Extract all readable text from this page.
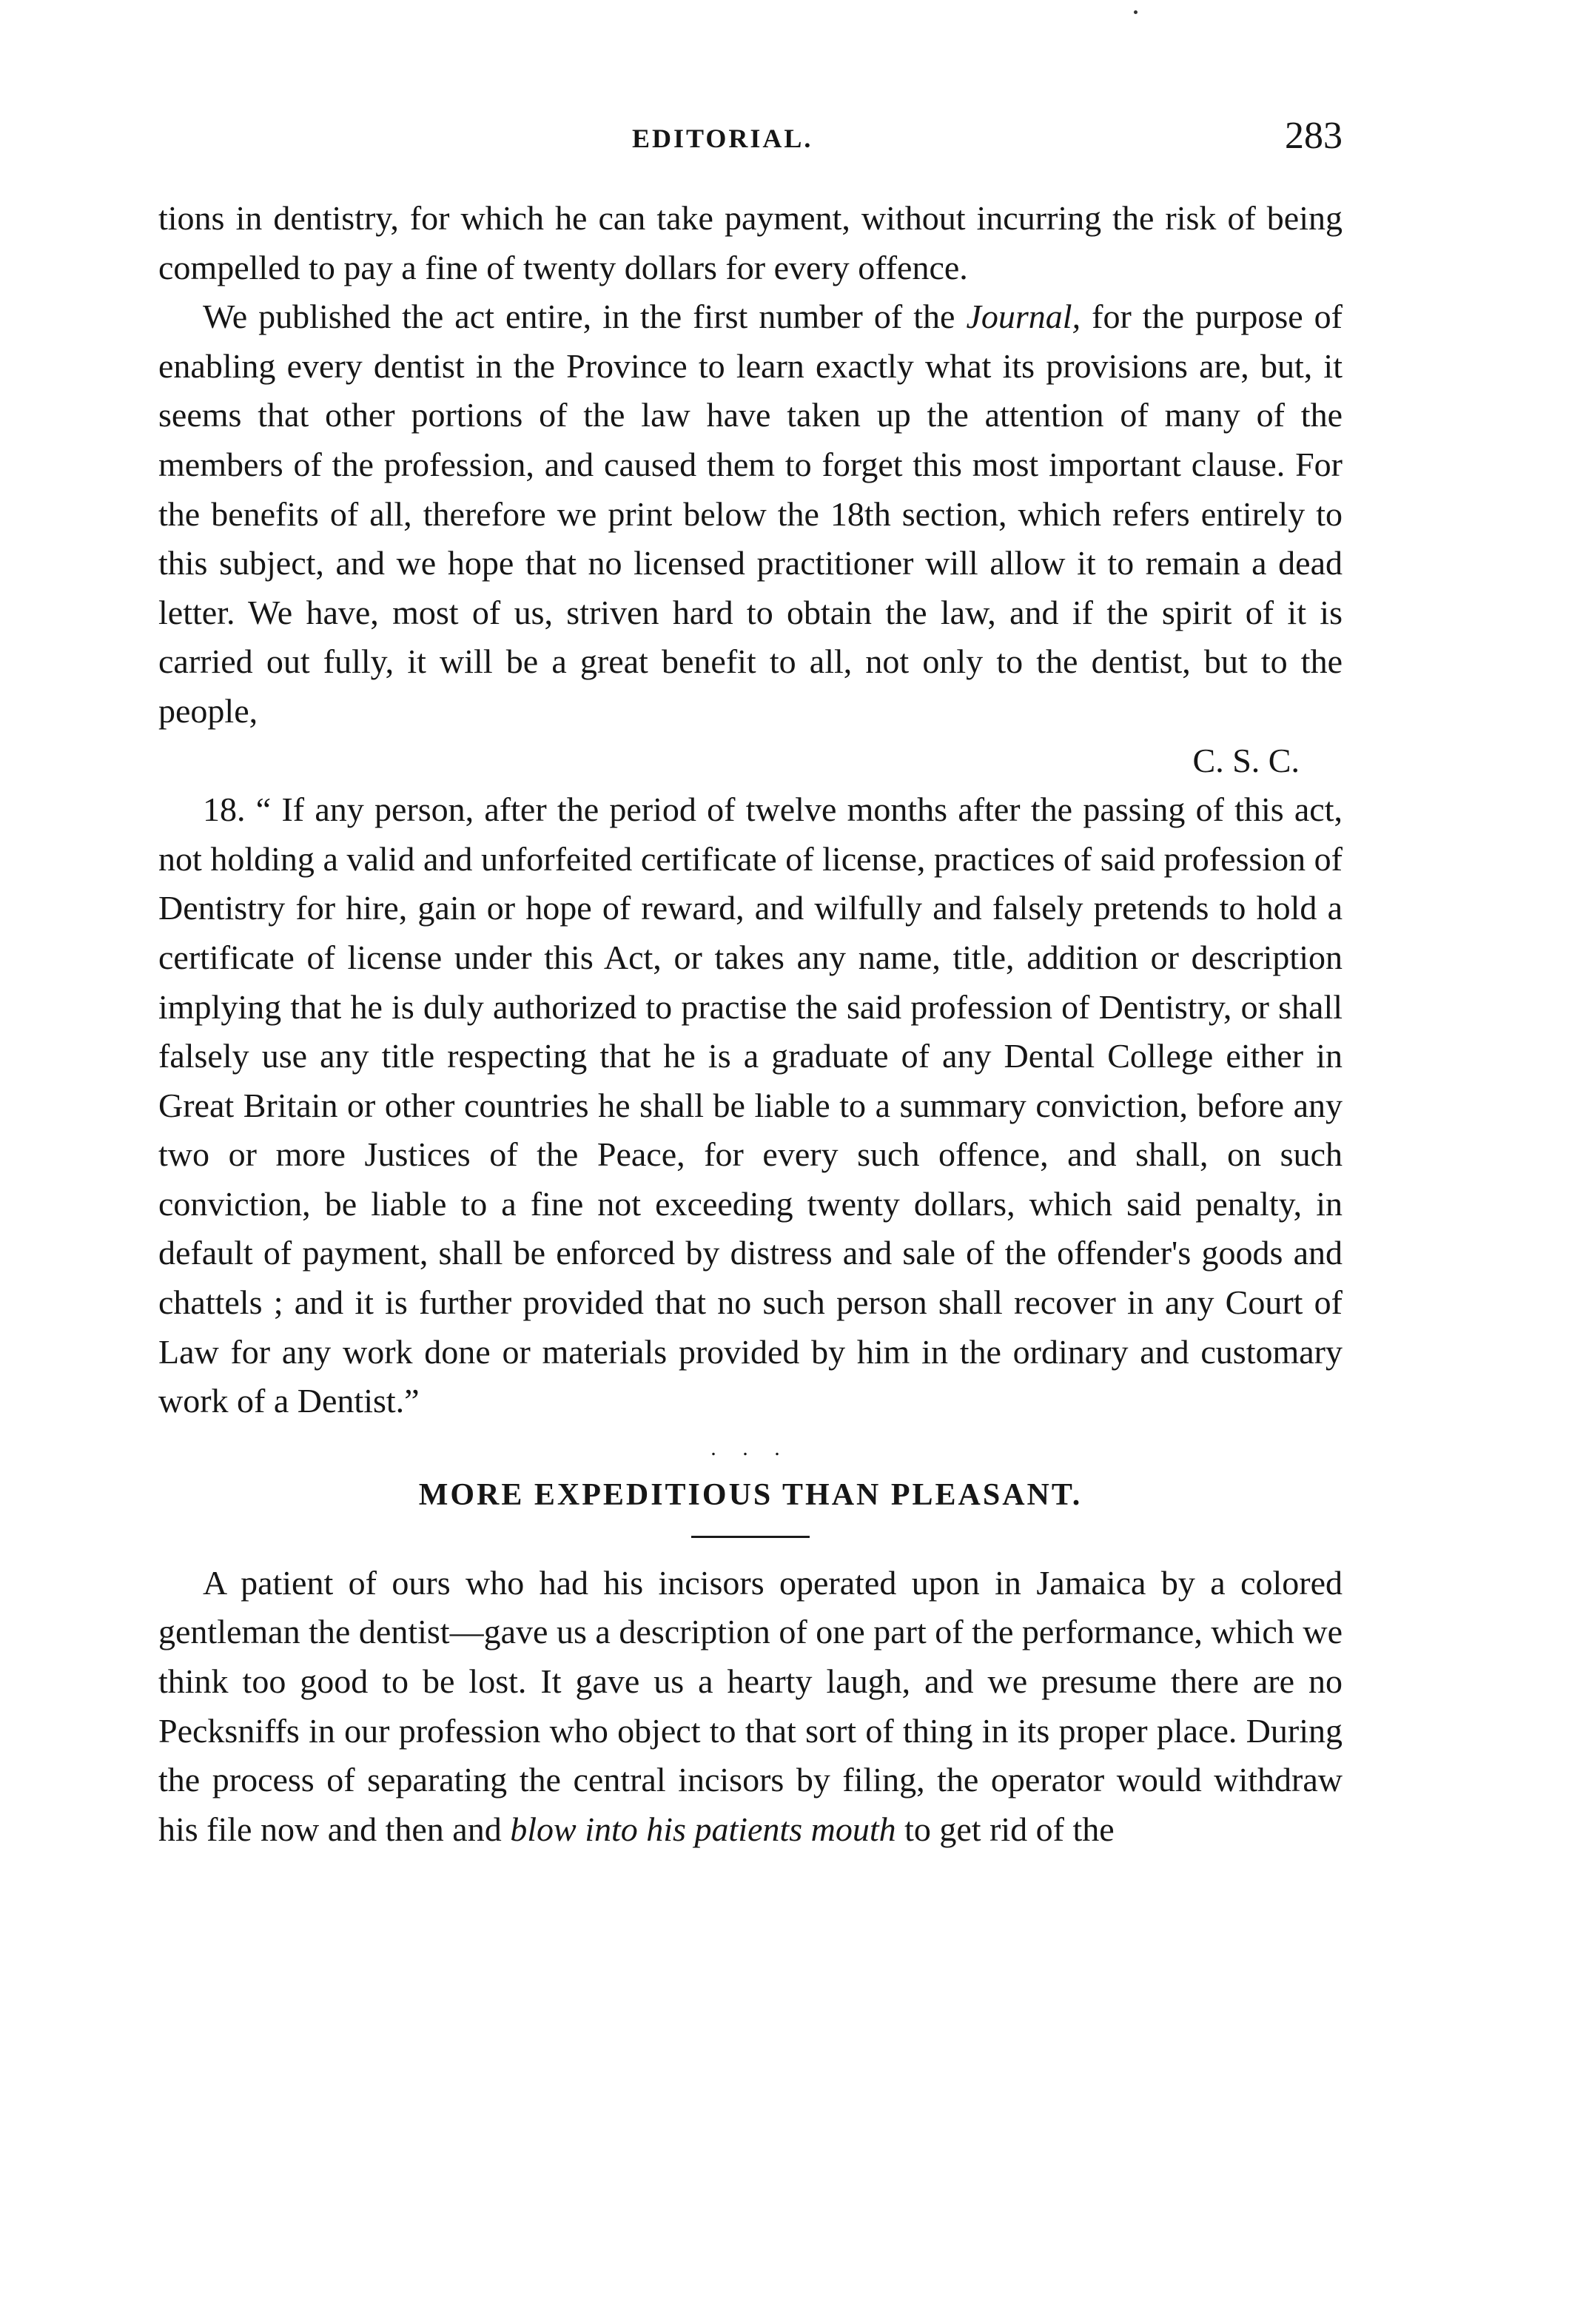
EDITORIAL.	283

tions in dentistry, for which he can take payment, without incurring the risk of being compelled to pay a fine of twenty dollars for every offence.

We published the act entire, in the first number of the Journal, for the purpose of enabling every dentist in the Province to learn exactly what its provisions are, but, it seems that other portions of the law have taken up the attention of many of the members of the profession, and caused them to forget this most important clause. For the benefits of all, therefore we print below the 18th section, which refers entirely to this subject, and we hope that no licensed practitioner will allow it to remain a dead letter. We have, most of us, striven hard to obtain the law, and if the spirit of it is carried out fully, it will be a great benefit to all, not only to the dentist, but to the people,

C. S. C.

18. “ If any person, after the period of twelve months after the passing of this act, not holding a valid and unforfeited certificate of license, practices of said profession of Dentistry for hire, gain or hope of reward, and wilfully and falsely pretends to hold a certificate of license under this Act, or takes any name, title, addition or description implying that he is duly authorized to practise the said profession of Dentistry, or shall falsely use any title respecting that he is a graduate of any Dental College either in Great Britain or other countries he shall be liable to a summary conviction, before any two or more Justices of the Peace, for every such offence, and shall, on such conviction, be liable to a fine not exceeding twenty dollars, which said penalty, in default of payment, shall be enforced by distress and sale of the offender's goods and chattels ; and it is further provided that no such person shall recover in any Court of Law for any work done or materials provided by him in the ordinary and customary work of a Dentist.”

. . .

MORE EXPEDITIOUS THAN PLEASANT.

A patient of ours who had his incisors operated upon in Jamaica by a colored gentleman the dentist—gave us a description of one part of the performance, which we think too good to be lost. It gave us a hearty laugh, and we presume there are no Pecksniffs in our profession who object to that sort of thing in its proper place. During the process of separating the central incisors by filing, the operator would withdraw his file now and then and blow into his patients mouth to get rid of the
